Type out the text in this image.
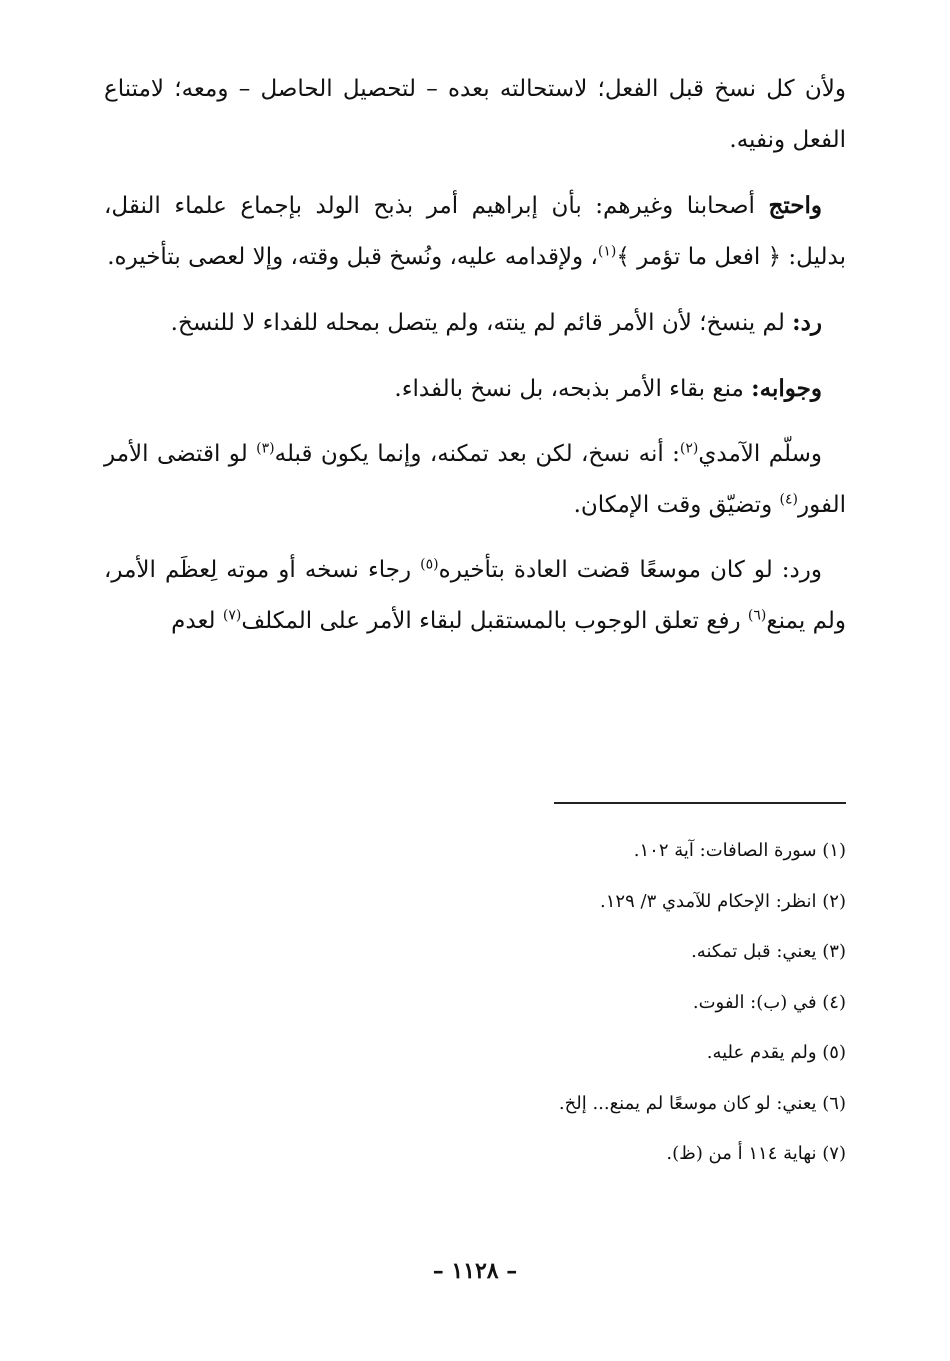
ولأن كل نسخ قبل الفعل؛ لاستحالته بعده – لتحصيل الحاصل – ومعه؛ لامتناع الفعل ونفيه.

واحتج أصحابنا وغيرهم: بأن إبراهيم أمر بذبح الولد بإجماع علماء النقل، بدليل: ﴿ افعل ما تؤمر ﴾$^{(١)}$، ولإقدامه عليه، ونُسخ قبل وقته، وإلا لعصى بتأخيره.

رد: لم ينسخ؛ لأن الأمر قائم لم ينته، ولم يتصل بمحله للفداء لا للنسخ.

وجوابه: منع بقاء الأمر بذبحه، بل نسخ بالفداء.

وسلّم الآمدي$^{(٢)}$: أنه نسخ، لكن بعد تمكنه، وإنما يكون قبله$^{(٣)}$ لو اقتضى الأمر الفور$^{(٤)}$ وتضيّق وقت الإمكان.

ورد: لو كان موسعًا قضت العادة بتأخيره$^{(٥)}$ رجاء نسخه أو موته لِعظَم الأمر، ولم يمنع$^{(٦)}$ رفع تعلق الوجوب بالمستقبل لبقاء الأمر على المكلف$^{(٧)}$ لعدم

(١) سورة الصافات: آية ١٠٢.
(٢) انظر: الإحكام للآمدي ٣/ ١٢٩.
(٣) يعني: قبل تمكنه.
(٤) في (ب): الفوت.
(٥) ولم يقدم عليه.
(٦) يعني: لو كان موسعًا لم يمنع... إلخ.
(٧) نهاية ١١٤ أ من (ظ).
– ١١٢٨ –
